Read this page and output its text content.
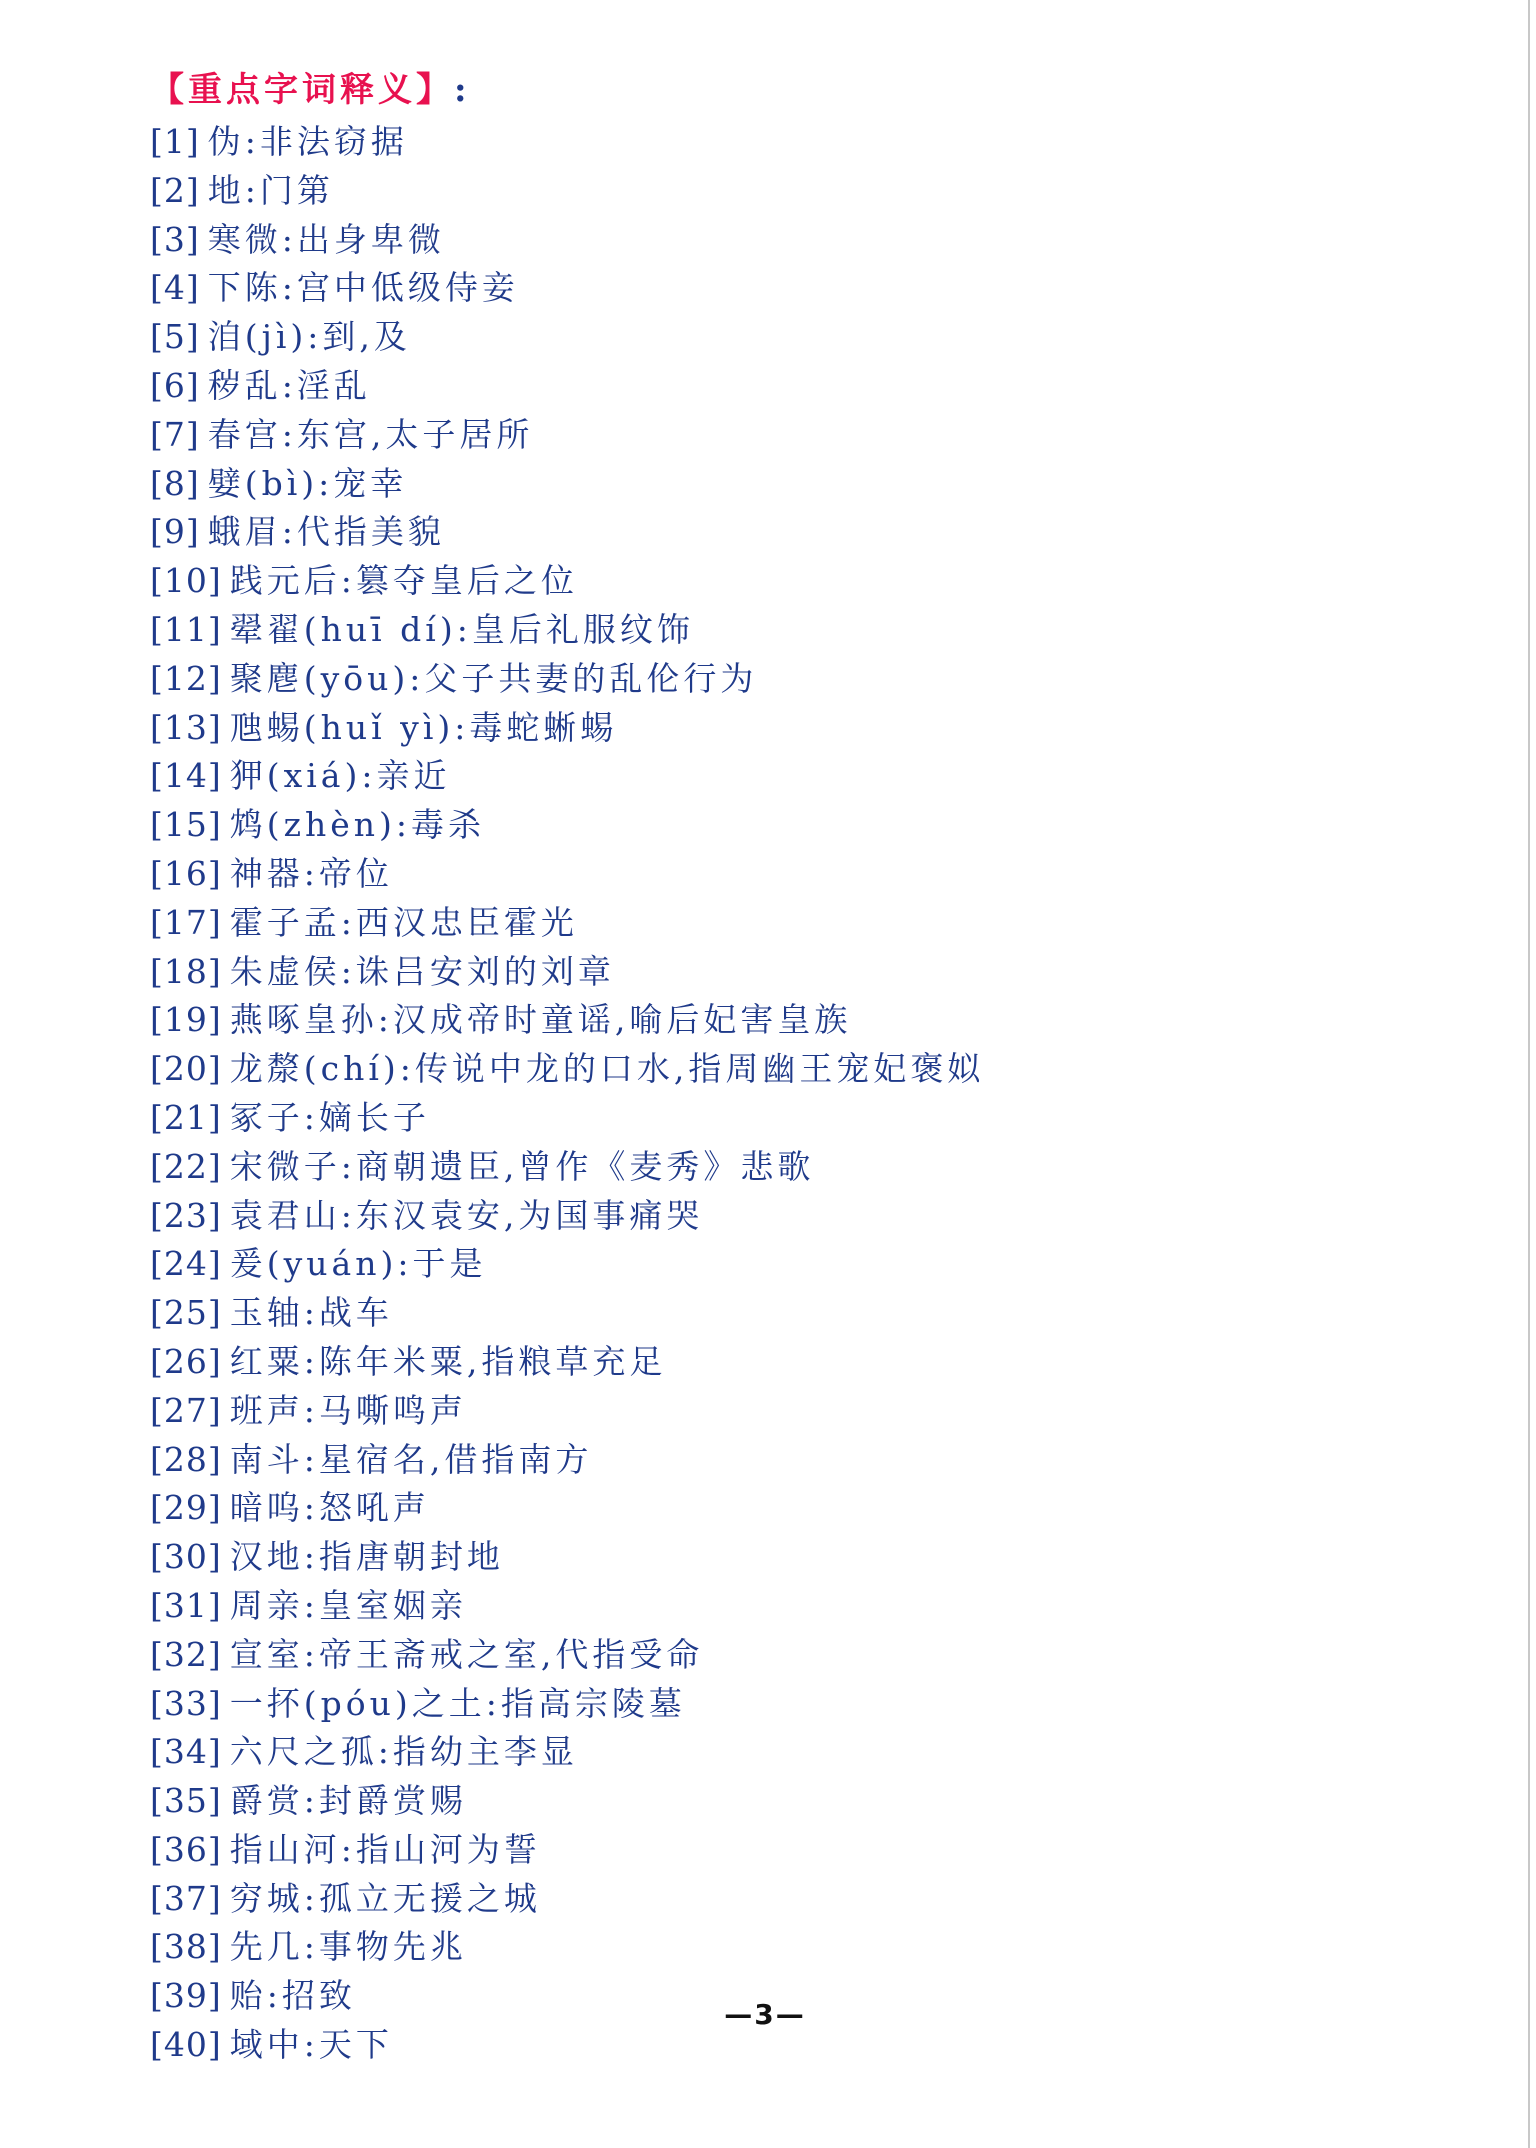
【重点字词释义】:
[1] 伪:非法窃据
[2] 地:门第
[3] 寒微:出身卑微
[4] 下陈:宫中低级侍妾
[5] 洎(jì):到,及
[6] 秽乱:淫乱
[7] 春宫:东宫,太子居所
[8] 嬖(bì):宠幸
[9] 蛾眉:代指美貌
[10] 践元后:篡夺皇后之位
[11] 翚翟(huī dí):皇后礼服纹饰
[12] 聚麀(yōu):父子共妻的乱伦行为
[13] 虺蜴(huǐ yì):毒蛇蜥蜴
[14] 狎(xiá):亲近
[15] 鸩(zhèn):毒杀
[16] 神器:帝位
[17] 霍子孟:西汉忠臣霍光
[18] 朱虚侯:诛吕安刘的刘章
[19] 燕啄皇孙:汉成帝时童谣,喻后妃害皇族
[20] 龙漦(chí):传说中龙的口水,指周幽王宠妃褒姒
[21] 冢子:嫡长子
[22] 宋微子:商朝遗臣,曾作《麦秀》悲歌
[23] 袁君山:东汉袁安,为国事痛哭
[24] 爰(yuán):于是
[25] 玉轴:战车
[26] 红粟:陈年米粟,指粮草充足
[27] 班声:马嘶鸣声
[28] 南斗:星宿名,借指南方
[29] 暗呜:怒吼声
[30] 汉地:指唐朝封地
[31] 周亲:皇室姻亲
[32] 宣室:帝王斋戒之室,代指受命
[33] 一抔(póu)之土:指高宗陵墓
[34] 六尺之孤:指幼主李显
[35] 爵赏:封爵赏赐
[36] 指山河:指山河为誓
[37] 穷城:孤立无援之城
[38] 先几:事物先兆
[39] 贻:招致
[40] 域中:天下
—3—
